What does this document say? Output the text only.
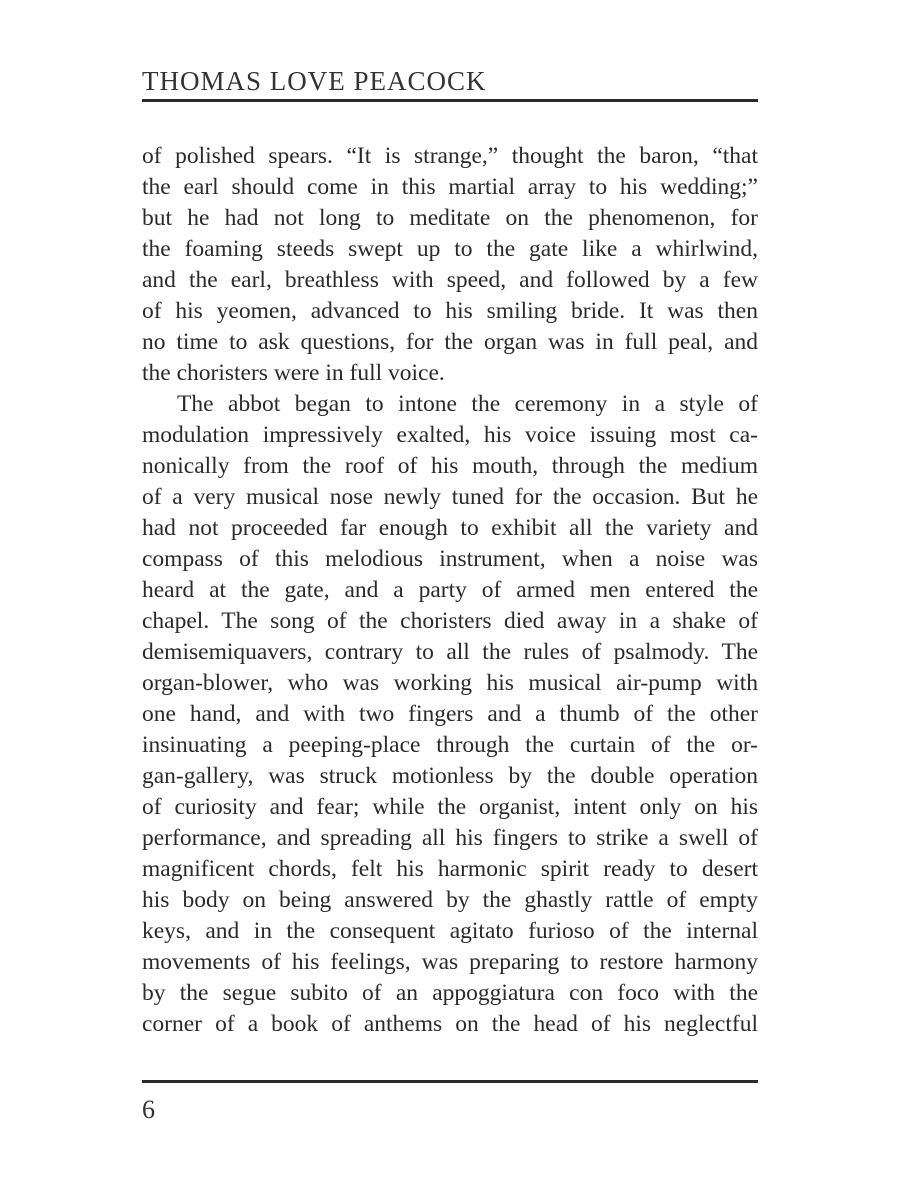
THOMAS LOVE PEACOCK
of polished spears. “It is strange,” thought the baron, “that
the earl should come in this martial array to his wedding;”
but he had not long to meditate on the phenomenon, for
the foaming steeds swept up to the gate like a whirlwind,
and the earl, breathless with speed, and followed by a few
of his yeomen, advanced to his smiling bride. It was then
no time to ask questions, for the organ was in full peal, and
the choristers were in full voice.
The abbot began to intone the ceremony in a style of
modulation impressively exalted, his voice issuing most ca-
nonically from the roof of his mouth, through the medium
of a very musical nose newly tuned for the occasion. But he
had not proceeded far enough to exhibit all the variety and
compass of this melodious instrument, when a noise was
heard at the gate, and a party of armed men entered the
chapel. The song of the choristers died away in a shake of
demisemiquavers, contrary to all the rules of psalmody. The
organ-blower, who was working his musical air-pump with
one hand, and with two fingers and a thumb of the other
insinuating a peeping-place through the curtain of the or-
gan-gallery, was struck motionless by the double operation
of curiosity and fear; while the organist, intent only on his
performance, and spreading all his fingers to strike a swell of
magnificent chords, felt his harmonic spirit ready to desert
his body on being answered by the ghastly rattle of empty
keys, and in the consequent agitato furioso of the internal
movements of his feelings, was preparing to restore harmony
by the segue subito of an appoggiatura con foco with the
corner of a book of anthems on the head of his neglectful
6
